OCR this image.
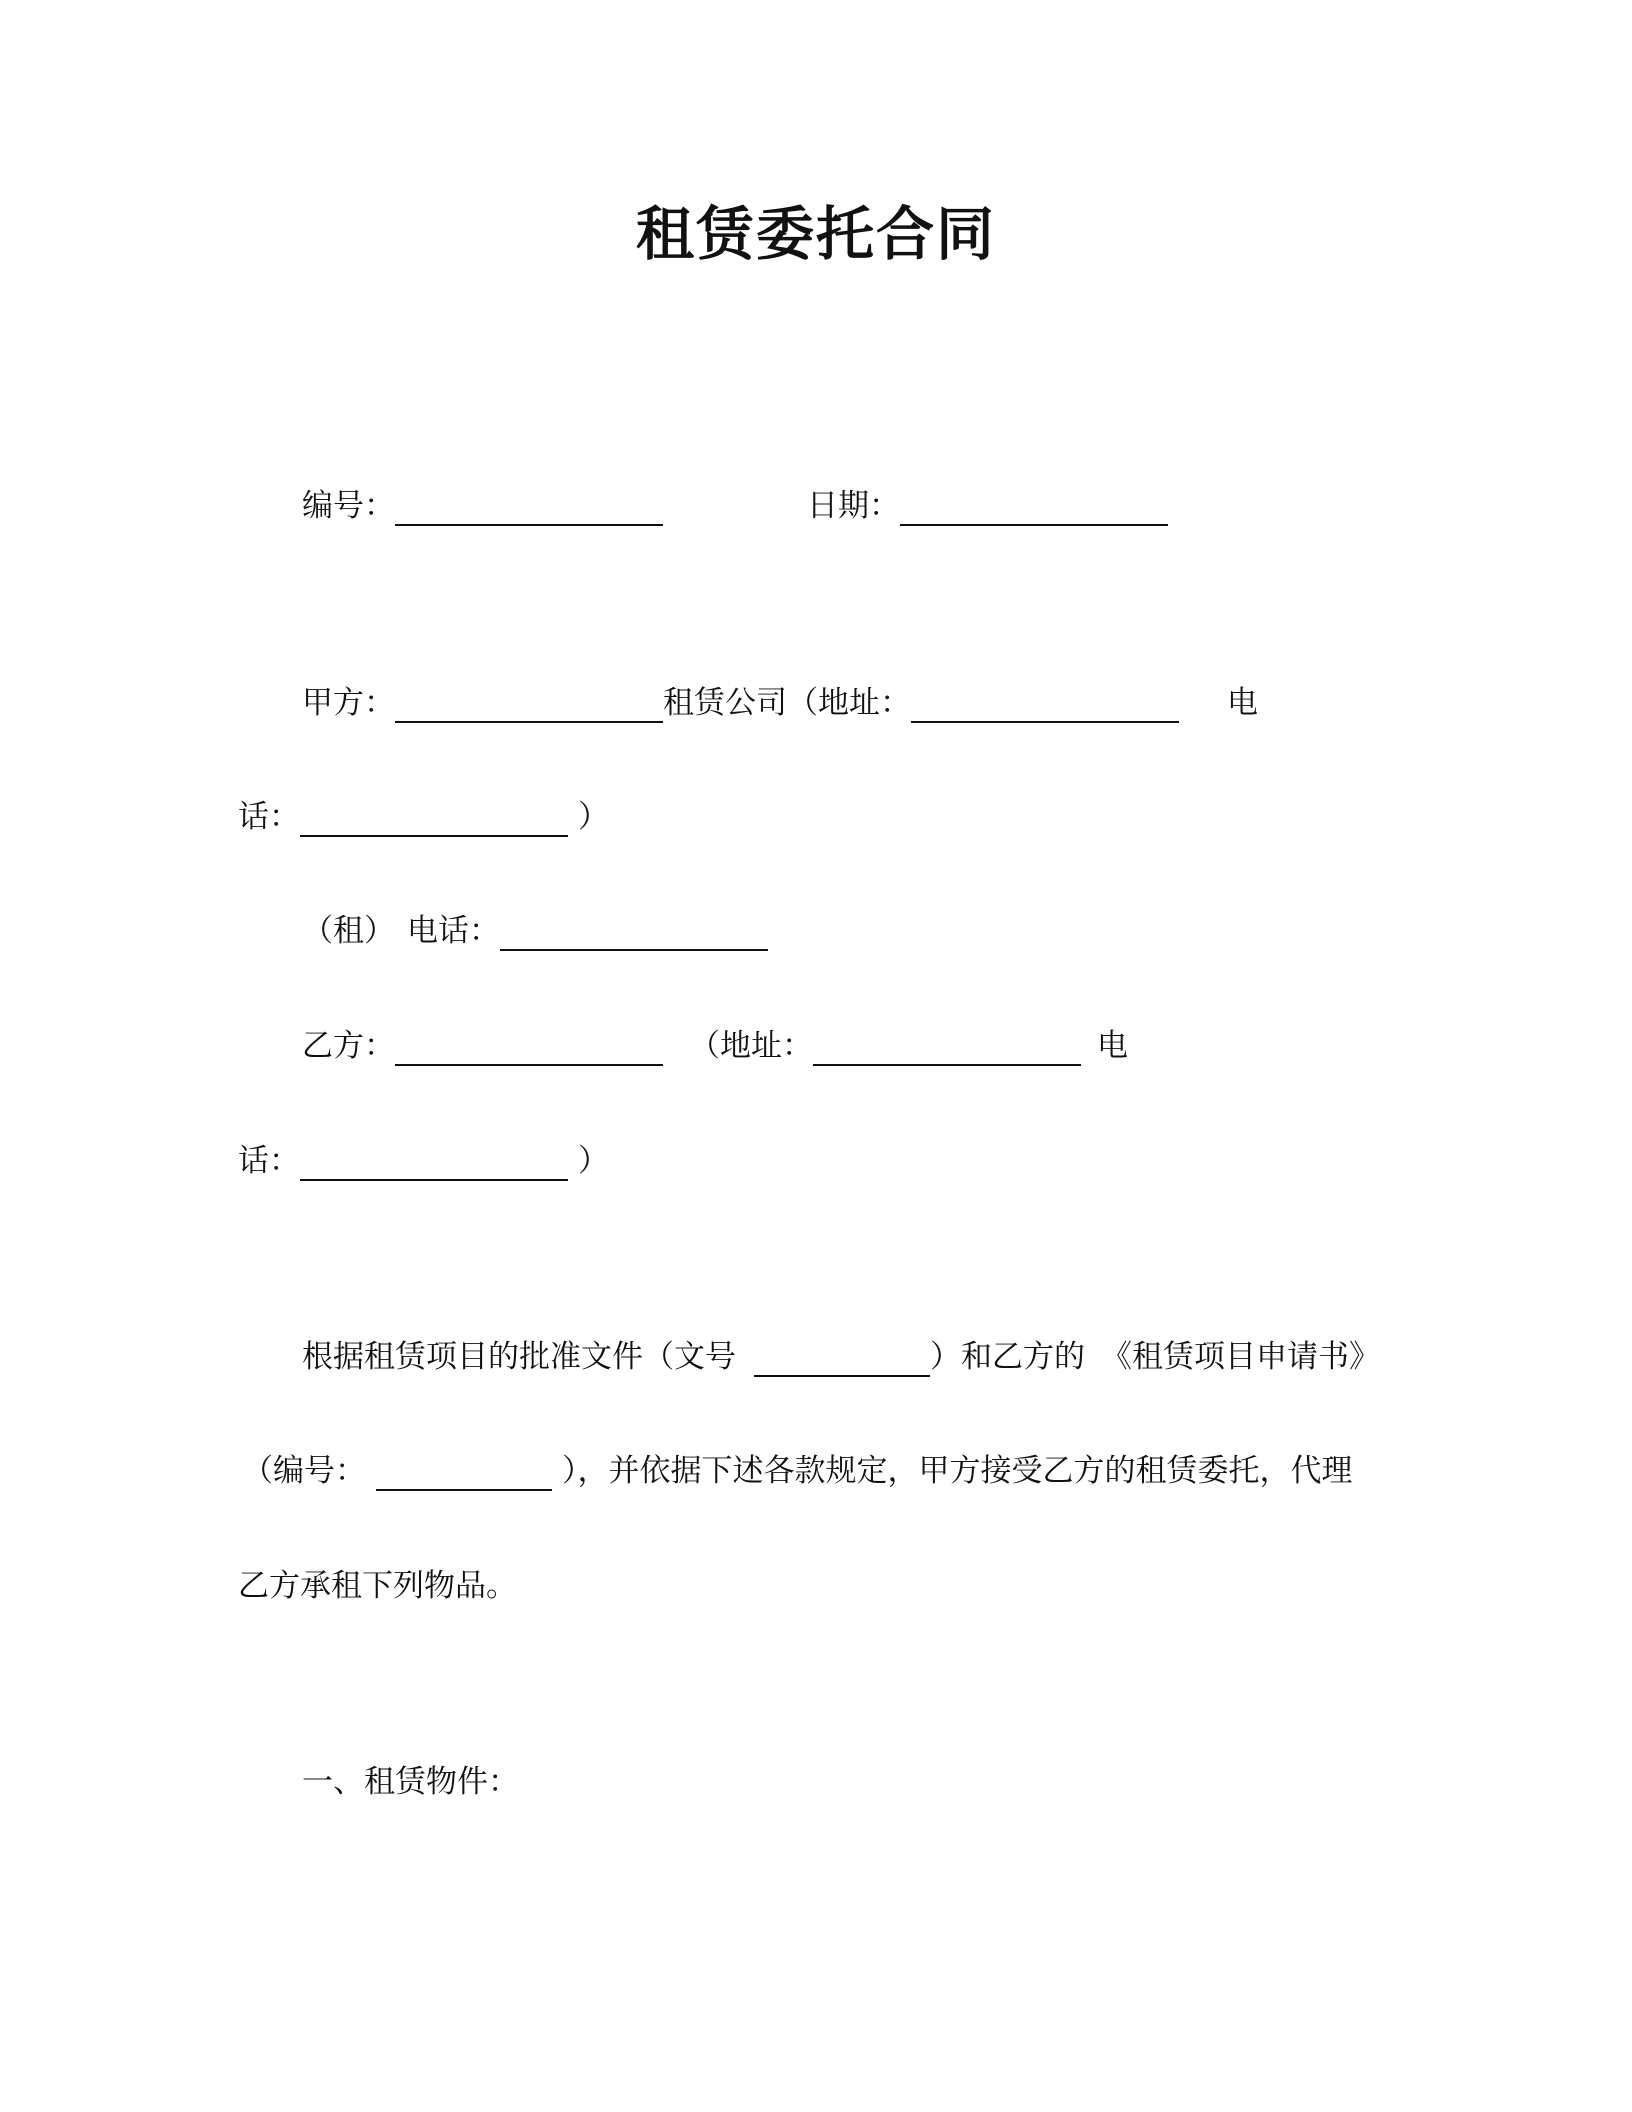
租赁委托合同
编号：	日期：
甲方：	租赁公司（地址：	电
话：	）
（租） 电话：
乙方：	（地址：	电
话：	）
根据租赁项目的批准文件（文号	）和乙方的 《租赁项目申请书》
（编号：	），并依据下述各款规定，甲方接受乙方的租赁委托，代理
乙方承租下列物品。
一、租赁物件：
